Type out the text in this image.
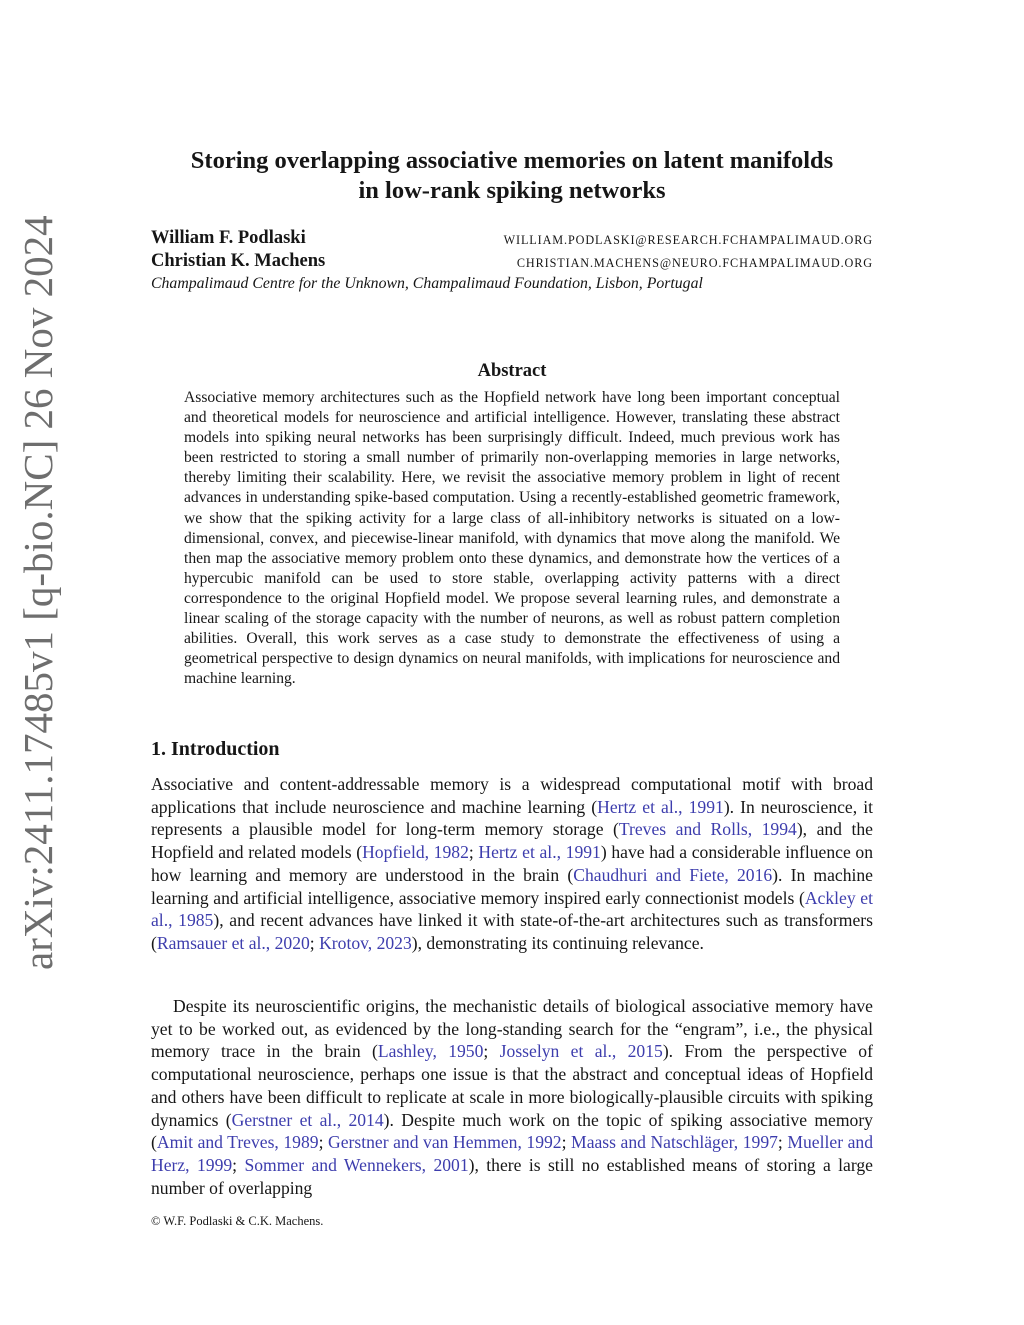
arXiv:2411.17485v1 [q-bio.NC] 26 Nov 2024
Storing overlapping associative memories on latent manifolds
in low-rank spiking networks
William F. Podlaski	WILLIAM.PODLASKI@RESEARCH.FCHAMPALIMAUD.ORG
Christian K. Machens	CHRISTIAN.MACHENS@NEURO.FCHAMPALIMAUD.ORG
Champalimaud Centre for the Unknown, Champalimaud Foundation, Lisbon, Portugal
Abstract
Associative memory architectures such as the Hopfield network have long been important conceptual and theoretical models for neuroscience and artificial intelligence. However, translating these abstract models into spiking neural networks has been surprisingly difficult. Indeed, much previous work has been restricted to storing a small number of primarily non-overlapping memories in large networks, thereby limiting their scalability. Here, we revisit the associative memory problem in light of recent advances in understanding spike-based computation. Using a recently-established geometric framework, we show that the spiking activity for a large class of all-inhibitory networks is situated on a low-dimensional, convex, and piecewise-linear manifold, with dynamics that move along the manifold. We then map the associative memory problem onto these dynamics, and demonstrate how the vertices of a hypercubic manifold can be used to store stable, overlapping activity patterns with a direct correspondence to the original Hopfield model. We propose several learning rules, and demonstrate a linear scaling of the storage capacity with the number of neurons, as well as robust pattern completion abilities. Overall, this work serves as a case study to demonstrate the effectiveness of using a geometrical perspective to design dynamics on neural manifolds, with implications for neuroscience and machine learning.
1. Introduction
Associative and content-addressable memory is a widespread computational motif with broad applications that include neuroscience and machine learning (Hertz et al., 1991). In neuroscience, it represents a plausible model for long-term memory storage (Treves and Rolls, 1994), and the Hopfield and related models (Hopfield, 1982; Hertz et al., 1991) have had a considerable influence on how learning and memory are understood in the brain (Chaudhuri and Fiete, 2016). In machine learning and artificial intelligence, associative memory inspired early connectionist models (Ackley et al., 1985), and recent advances have linked it with state-of-the-art architectures such as transformers (Ramsauer et al., 2020; Krotov, 2023), demonstrating its continuing relevance.
Despite its neuroscientific origins, the mechanistic details of biological associative memory have yet to be worked out, as evidenced by the long-standing search for the “engram”, i.e., the physical memory trace in the brain (Lashley, 1950; Josselyn et al., 2015). From the perspective of computational neuroscience, perhaps one issue is that the abstract and conceptual ideas of Hopfield and others have been difficult to replicate at scale in more biologically-plausible circuits with spiking dynamics (Gerstner et al., 2014). Despite much work on the topic of spiking associative memory (Amit and Treves, 1989; Gerstner and van Hemmen, 1992; Maass and Natschläger, 1997; Mueller and Herz, 1999; Sommer and Wennekers, 2001), there is still no established means of storing a large number of overlapping
© W.F. Podlaski & C.K. Machens.
